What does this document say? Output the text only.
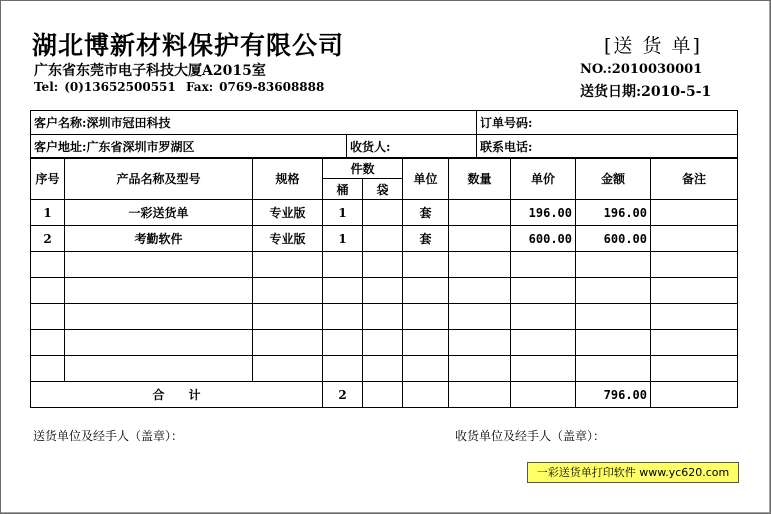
湖北博新材料保护有限公司	[送 货 单]
广东省东莞市电子科技大厦A2015室
Tel: (0)13652500551 Fax: 0769-83608888
NO.:2010030001
送货日期:2010-5-1
客户名称:深圳市冠田科技		订单号码:
客户地址:广东省深圳市罗湖区	收货人:	联系电话:
序号	产品名称及型号	规格	件数		单位	数量	单价	金额	备注
			桶	袋					
1	一彩送货单	专业版	1		套		196.00	196.00	
2	考勤软件	专业版	1		套		600.00	600.00	

合　　计			2					796.00	
送货单位及经手人（盖章）：	收货单位及经手人（盖章）：
一彩送货单打印软件 www.yc620.com
